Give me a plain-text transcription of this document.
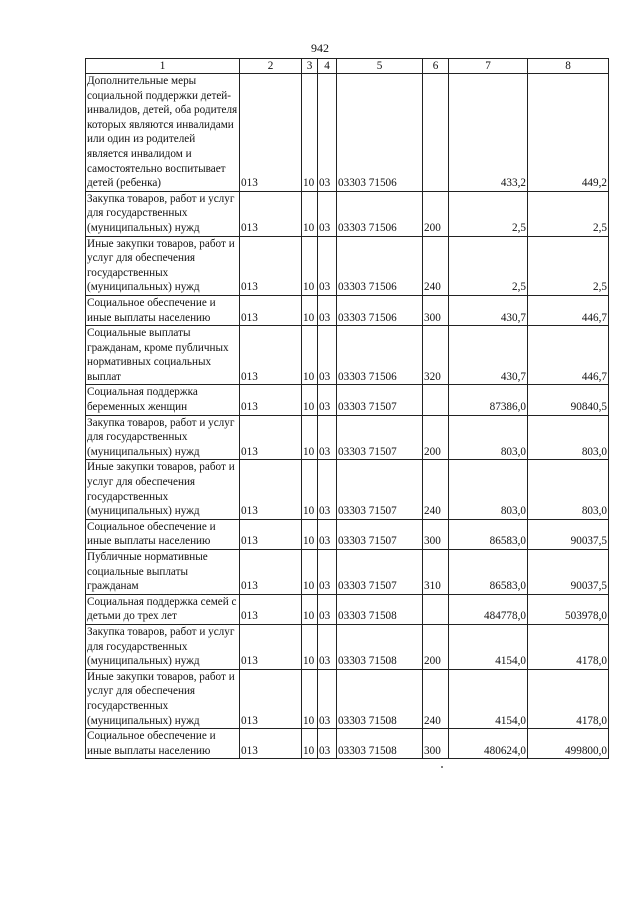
942
1	2	3	4	5	6	7	8
Дополнительные меры социальной поддержки детей-инвалидов, детей, оба родителя которых являются инвалидами или один из родителей является инвалидом и самостоятельно воспитывает детей (ребенка)	013	10	03	03303 71506		433,2	449,2
Закупка товаров, работ и услуг для государственных (муниципальных) нужд	013	10	03	03303 71506	200	2,5	2,5
Иные закупки товаров, работ и услуг для обеспечения государственных (муниципальных) нужд	013	10	03	03303 71506	240	2,5	2,5
Социальное обеспечение и иные выплаты населению	013	10	03	03303 71506	300	430,7	446,7
Социальные выплаты гражданам, кроме публичных нормативных социальных выплат	013	10	03	03303 71506	320	430,7	446,7
Социальная поддержка беременных женщин	013	10	03	03303 71507		87386,0	90840,5
Закупка товаров, работ и услуг для государственных (муниципальных) нужд	013	10	03	03303 71507	200	803,0	803,0
Иные закупки товаров, работ и услуг для обеспечения государственных (муниципальных) нужд	013	10	03	03303 71507	240	803,0	803,0
Социальное обеспечение и иные выплаты населению	013	10	03	03303 71507	300	86583,0	90037,5
Публичные нормативные социальные выплаты гражданам	013	10	03	03303 71507	310	86583,0	90037,5
Социальная поддержка семей с детьми до трех лет	013	10	03	03303 71508		484778,0	503978,0
Закупка товаров, работ и услуг для государственных (муниципальных) нужд	013	10	03	03303 71508	200	4154,0	4178,0
Иные закупки товаров, работ и услуг для обеспечения государственных (муниципальных) нужд	013	10	03	03303 71508	240	4154,0	4178,0
Социальное обеспечение и иные выплаты населению	013	10	03	03303 71508	300	480624,0	499800,0
